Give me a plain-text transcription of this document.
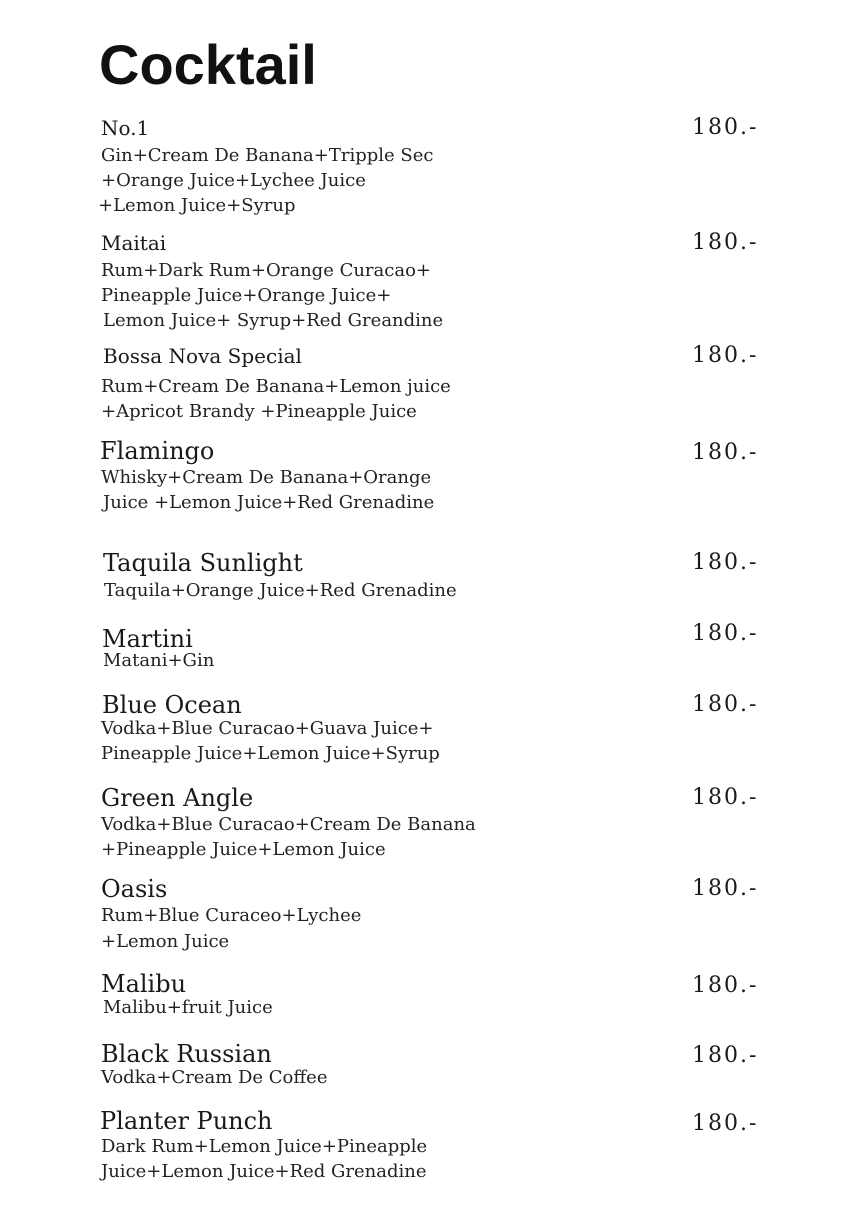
Cocktail
No.1	180.-
Gin+Cream De Banana+Tripple Sec
+Orange Juice+Lychee Juice
+Lemon Juice+Syrup
Maitai	180.-
Rum+Dark Rum+Orange Curacao+
Pineapple Juice+Orange Juice+
Lemon Juice+ Syrup+Red Greandine
Bossa Nova Special	180.-
Rum+Cream De Banana+Lemon juice
+Apricot Brandy +Pineapple Juice
Flamingo	180.-
Whisky+Cream De Banana+Orange
Juice +Lemon Juice+Red Grenadine
Taquila Sunlight	180.-
Taquila+Orange Juice+Red Grenadine
Martini	180.-
Matani+Gin
Blue Ocean	180.-
Vodka+Blue Curacao+Guava Juice+
Pineapple Juice+Lemon Juice+Syrup
Green Angle	180.-
Vodka+Blue Curacao+Cream De Banana
+Pineapple Juice+Lemon Juice
Oasis	180.-
Rum+Blue Curaceo+Lychee
+Lemon Juice
Malibu	180.-
Malibu+fruit Juice
Black Russian	180.-
Vodka+Cream De Coffee
Planter Punch	180.-
Dark Rum+Lemon Juice+Pineapple
Juice+Lemon Juice+Red Grenadine
